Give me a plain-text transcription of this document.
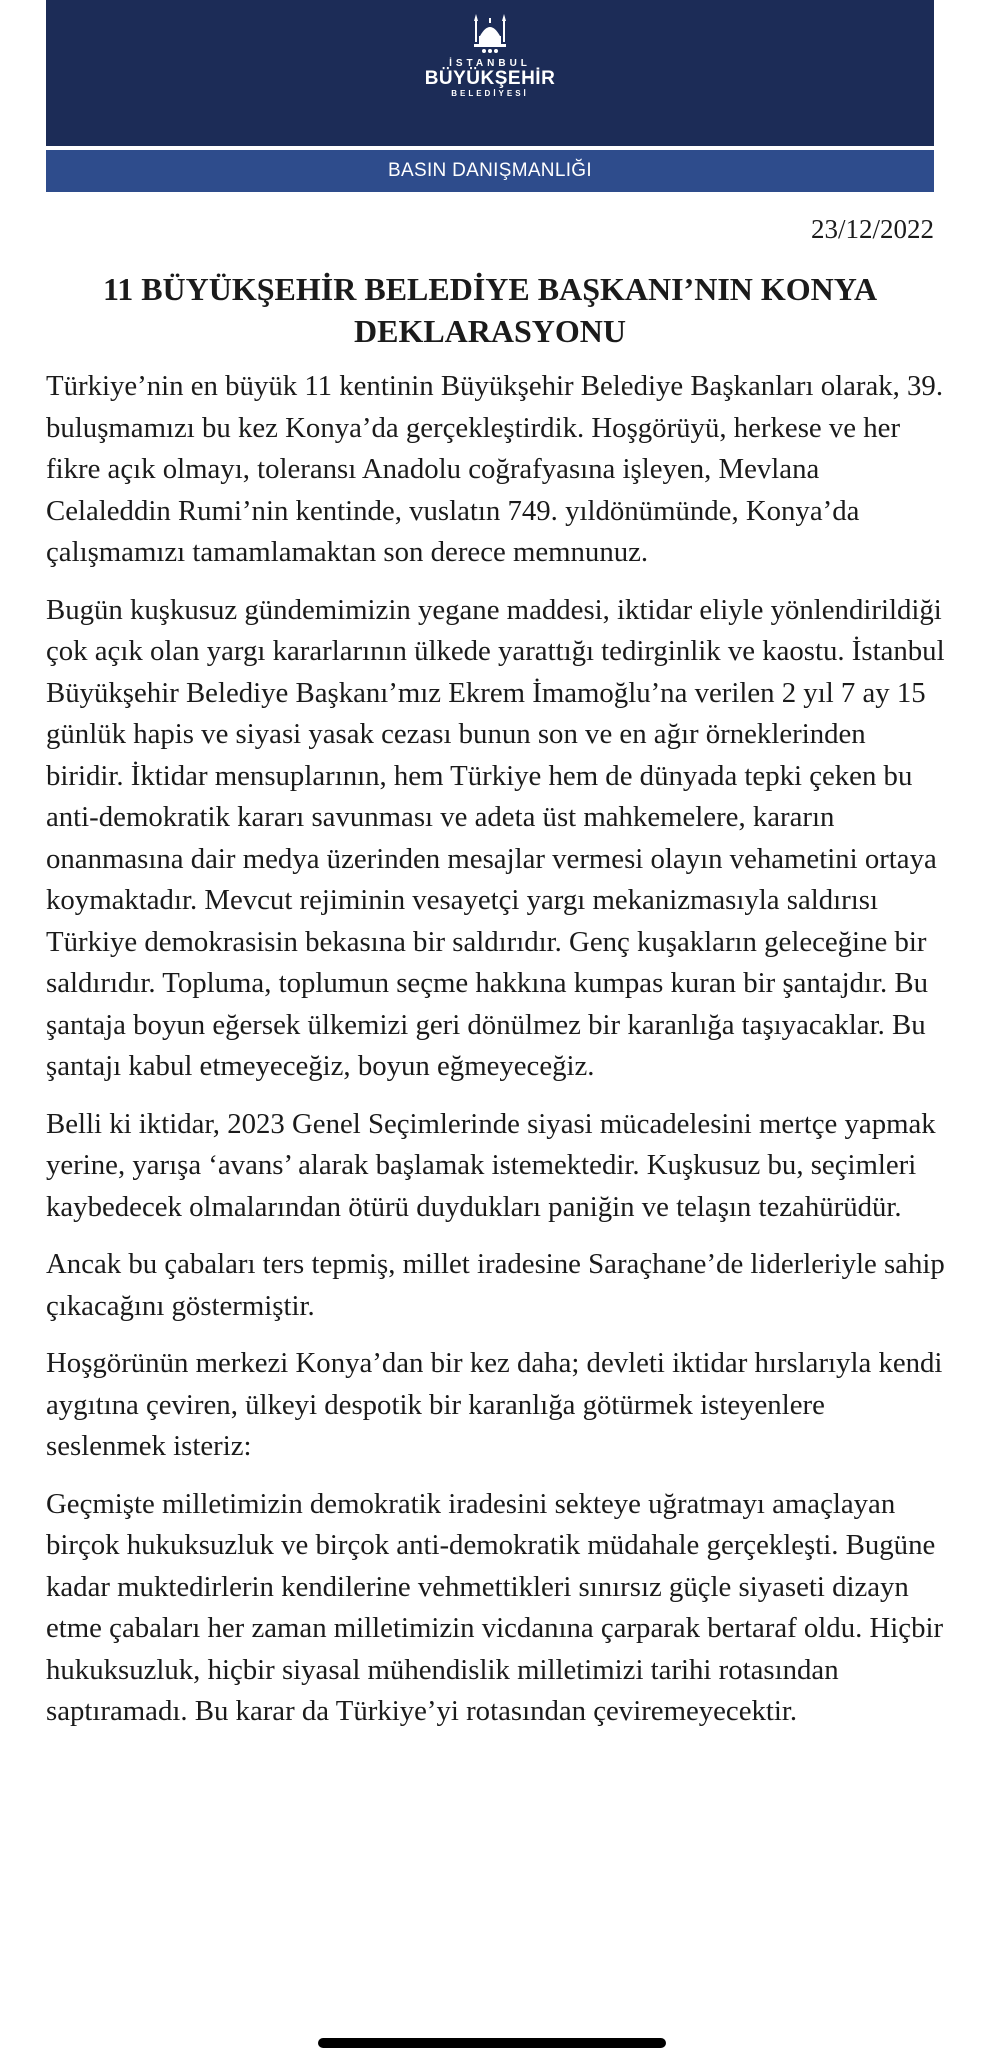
İSTANBUL
BÜYÜKŞEHİR
BELEDİYESİ
BASIN DANIŞMANLIĞI
23/12/2022
11 BÜYÜKŞEHİR BELEDİYE BAŞKANI’NIN KONYA DEKLARASYONU

Türkiye’nin en büyük 11 kentinin Büyükşehir Belediye Başkanları olarak, 39. buluşmamızı bu kez Konya’da gerçekleştirdik. Hoşgörüyü, herkese ve her fikre açık olmayı, toleransı Anadolu coğrafyasına işleyen, Mevlana Celaleddin Rumi’nin kentinde, vuslatın 749. yıldönümünde, Konya’da çalışmamızı tamamlamaktan son derece memnunuz.

Bugün kuşkusuz gündemimizin yegane maddesi, iktidar eliyle yönlendirildiği çok açık olan yargı kararlarının ülkede yarattığı tedirginlik ve kaostu. İstanbul Büyükşehir Belediye Başkanı’mız Ekrem İmamoğlu’na verilen 2 yıl 7 ay 15 günlük hapis ve siyasi yasak cezası bunun son ve en ağır örneklerinden biridir. İktidar mensuplarının, hem Türkiye hem de dünyada tepki çeken bu anti-demokratik kararı savunması ve adeta üst mahkemelere, kararın onanmasına dair medya üzerinden mesajlar vermesi olayın vehametini ortaya koymaktadır. Mevcut rejiminin vesayetçi yargı mekanizmasıyla saldırısı Türkiye demokrasisin bekasına bir saldırıdır. Genç kuşakların geleceğine bir saldırıdır. Topluma, toplumun seçme hakkına kumpas kuran bir şantajdır. Bu şantaja boyun eğersek ülkemizi geri dönülmez bir karanlığa taşıyacaklar. Bu şantajı kabul etmeyeceğiz, boyun eğmeyeceğiz.

Belli ki iktidar, 2023 Genel Seçimlerinde siyasi mücadelesini mertçe yapmak yerine, yarışa ‘avans’ alarak başlamak istemektedir. Kuşkusuz bu, seçimleri kaybedecek olmalarından ötürü duydukları paniğin ve telaşın tezahürüdür.

Ancak bu çabaları ters tepmiş, millet iradesine Saraçhane’de liderleriyle sahip çıkacağını göstermiştir.

Hoşgörünün merkezi Konya’dan bir kez daha; devleti iktidar hırslarıyla kendi aygıtına çeviren, ülkeyi despotik bir karanlığa götürmek isteyenlere seslenmek isteriz:

Geçmişte milletimizin demokratik iradesini sekteye uğratmayı amaçlayan birçok hukuksuzluk ve birçok anti-demokratik müdahale gerçekleşti. Bugüne kadar muktedirlerin kendilerine vehmettikleri sınırsız güçle siyaseti dizayn etme çabaları her zaman milletimizin vicdanına çarparak bertaraf oldu. Hiçbir hukuksuzluk, hiçbir siyasal mühendislik milletimizi tarihi rotasından saptıramadı. Bu karar da Türkiye’yi rotasından çeviremeyecektir.
